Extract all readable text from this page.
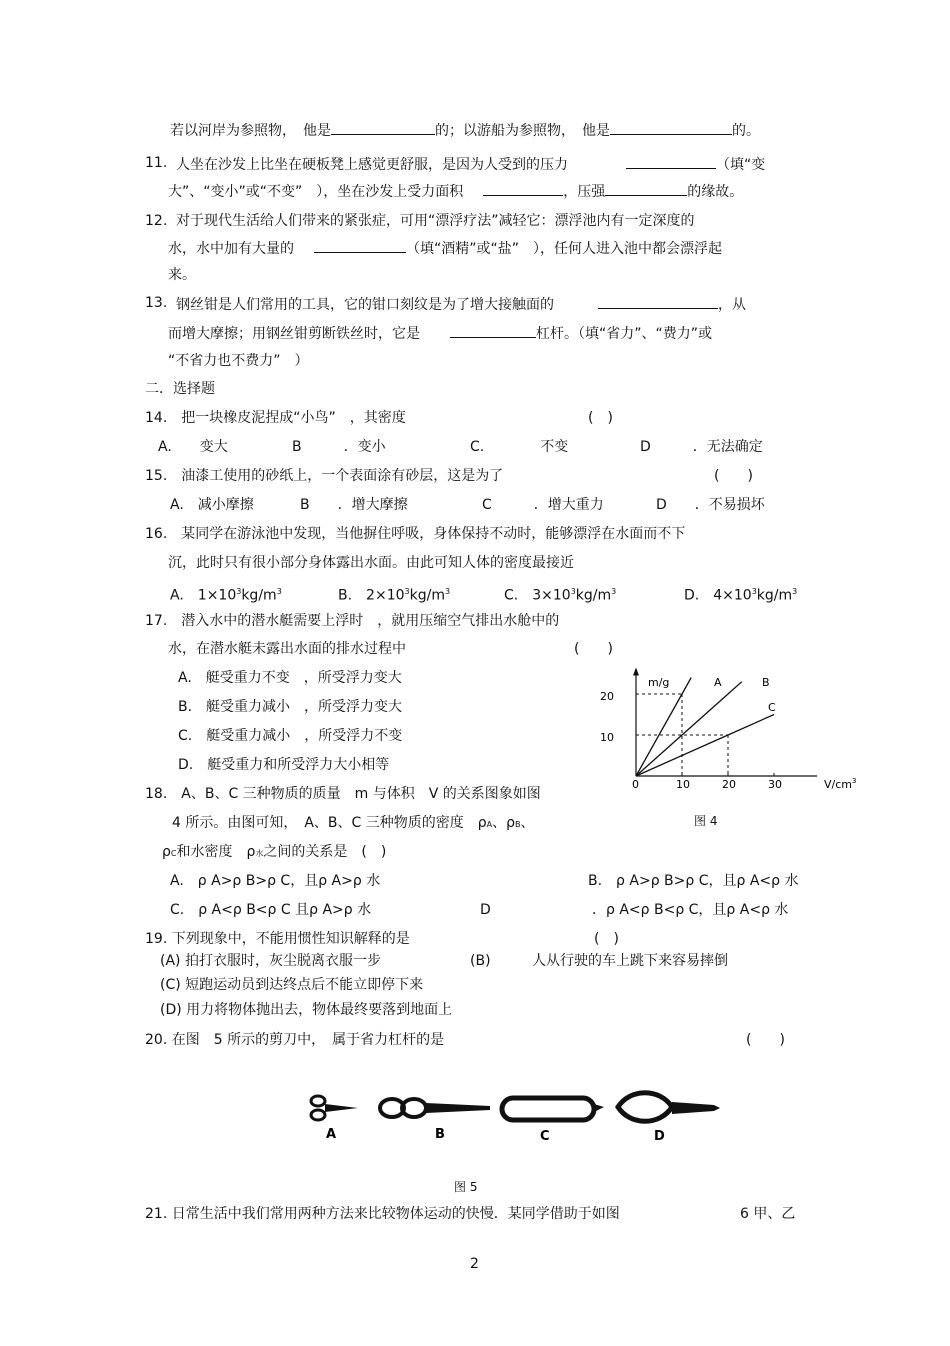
若以河岸为参照物，　他是	的；以游船为参照物，　他是	的。
11. 人坐在沙发上比坐在硬板凳上感觉更舒服，是因为人受到的压力	（填“变
大”、“变小”或“不变”　），坐在沙发上受力面积	，压强	的缘故。
12. 对于现代生活给人们带来的紧张症，可用“漂浮疗法”减轻它：漂浮池内有一定深度的
水，水中加有大量的	（填“酒精”或“盐”　），任何人进入池中都会漂浮起
来。
13. 钢丝钳是人们常用的工具，它的钳口刻纹是为了增大接触面的	，从
而增大摩擦；用钢丝钳剪断铁丝时，它是	杠杆。（填“省力”、“费力”或
“不省力也不费力”　）
二．选择题
14.　把一块橡皮泥捏成“小鸟”　，其密度	(　)
A.　　变大	B　　　．变小	C.　　　　不变	D　　　．无法确定
15.　油漆工使用的砂纸上，一个表面涂有砂层，这是为了	(　　)
A.　减小摩擦	B　　．增大摩擦	C　　　．增大重力	D　　．不易损坏
16.　某同学在游泳池中发现，当他摒住呼吸，身体保持不动时，能够漂浮在水面而不下
沉，此时只有很小部分身体露出水面。由此可知人体的密度最接近
A.　$1\times 10^3kg/m^3$	B.　$2\times 10^3kg/m^3$	C.　$3\times 10^3kg/m^3$	D.　$4\times 10^3kg/m^3$
17.　潜入水中的潜水艇需要上浮时　，就用压缩空气排出水舱中的
水，在潜水艇未露出水面的排水过程中	(　　)
A.　艇受重力不变　，所受浮力变大
B.　艇受重力减小　，所受浮力变大
C.　艇受重力减小　，所受浮力不变
D.　艇受重力和所受浮力大小相等
m/g
$V/cm^3$
A	B
C
20
10
0	10	20	30
图 4
18.　A、B、C 三种物质的质量　m 与体积　V 的关系图象如图
4 所示。由图可知，　A、B、C 三种物质的密度　ρA、ρB、
ρC和水密度　ρ水之间的关系是　(　)
A.　ρ A>ρ B>ρ C，且ρ A>ρ 水	B.　ρ A>ρ B>ρ C，且ρ A<ρ 水
C.　ρ A<ρ B<ρ C 且ρ A>ρ 水	D	．ρ A<ρ B<ρ C，且ρ A<ρ 水
19. 下列现象中，不能用惯性知识解释的是	(　)
(A) 拍打衣服时，灰尘脱离衣服一步	(B)	人从行驶的车上跳下来容易摔倒
(C) 短跑运动员到达终点后不能立即停下来
(D) 用力将物体抛出去，物体最终要落到地面上
20. 在图　5 所示的剪刀中，　属于省力杠杆的是	(　　)
A	B	C	D
图 5
21. 日常生活中我们常用两种方法来比较物体运动的快慢．某同学借助于如图	6 甲、乙
2
